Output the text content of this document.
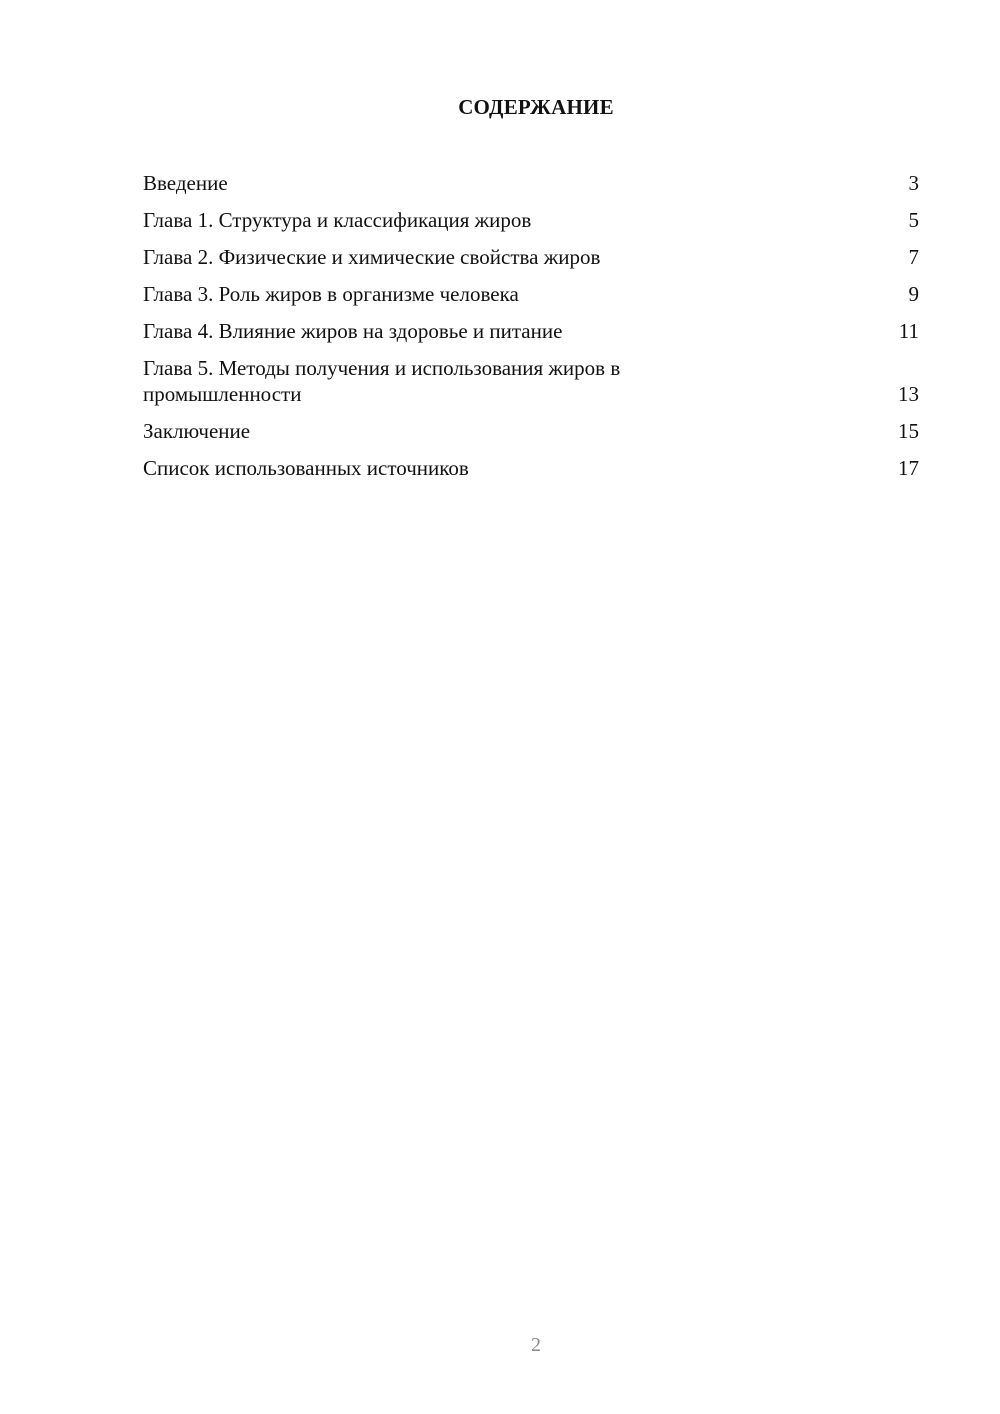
СОДЕРЖАНИЕ
Введение	3
Глава 1. Структура и классификация жиров	5
Глава 2. Физические и химические свойства жиров	7
Глава 3. Роль жиров в организме человека	9
Глава 4. Влияние жиров на здоровье и питание	11
Глава 5. Методы получения и использования жиров в
промышленности	13
Заключение	15
Список использованных источников	17
2
